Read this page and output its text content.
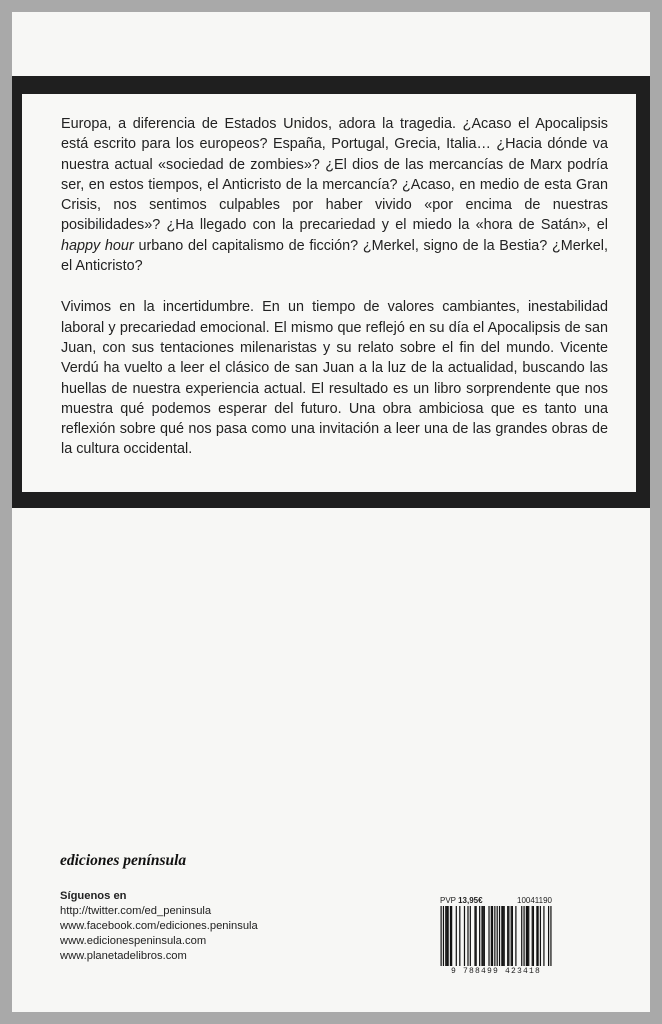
Europa, a diferencia de Estados Unidos, adora la tragedia. ¿Acaso el Apocalipsis está escrito para los europeos? España, Portugal, Grecia, Italia… ¿Hacia dónde va nuestra actual «sociedad de zombies»? ¿El dios de las mercancías de Marx podría ser, en estos tiempos, el Anticristo de la mercancía? ¿Acaso, en medio de esta Gran Crisis, nos sentimos culpables por haber vivido «por encima de nuestras posibilidades»? ¿Ha llegado con la precariedad y el miedo la «hora de Satán», el happy hour urbano del capitalismo de ficción? ¿Merkel, signo de la Bestia? ¿Merkel, el Anticristo?

Vivimos en la incertidumbre. En un tiempo de valores cambiantes, inestabilidad laboral y precariedad emocional. El mismo que reflejó en su día el Apocalipsis de san Juan, con sus tentaciones milenaristas y su relato sobre el fin del mundo. Vicente Verdú ha vuelto a leer el clásico de san Juan a la luz de la actualidad, buscando las huellas de nuestra experiencia actual. El resultado es un libro sorprendente que nos muestra qué podemos esperar del futuro. Una obra ambiciosa que es tanto una reflexión sobre qué nos pasa como una invitación a leer una de las grandes obras de la cultura occidental.

ediciones península
Síguenos en
http://twitter.com/ed_peninsula
www.facebook.com/ediciones.peninsula
www.edicionespeninsula.com
www.planetadelibros.com
PVP 13,95€	10041190
9 788499 423418
